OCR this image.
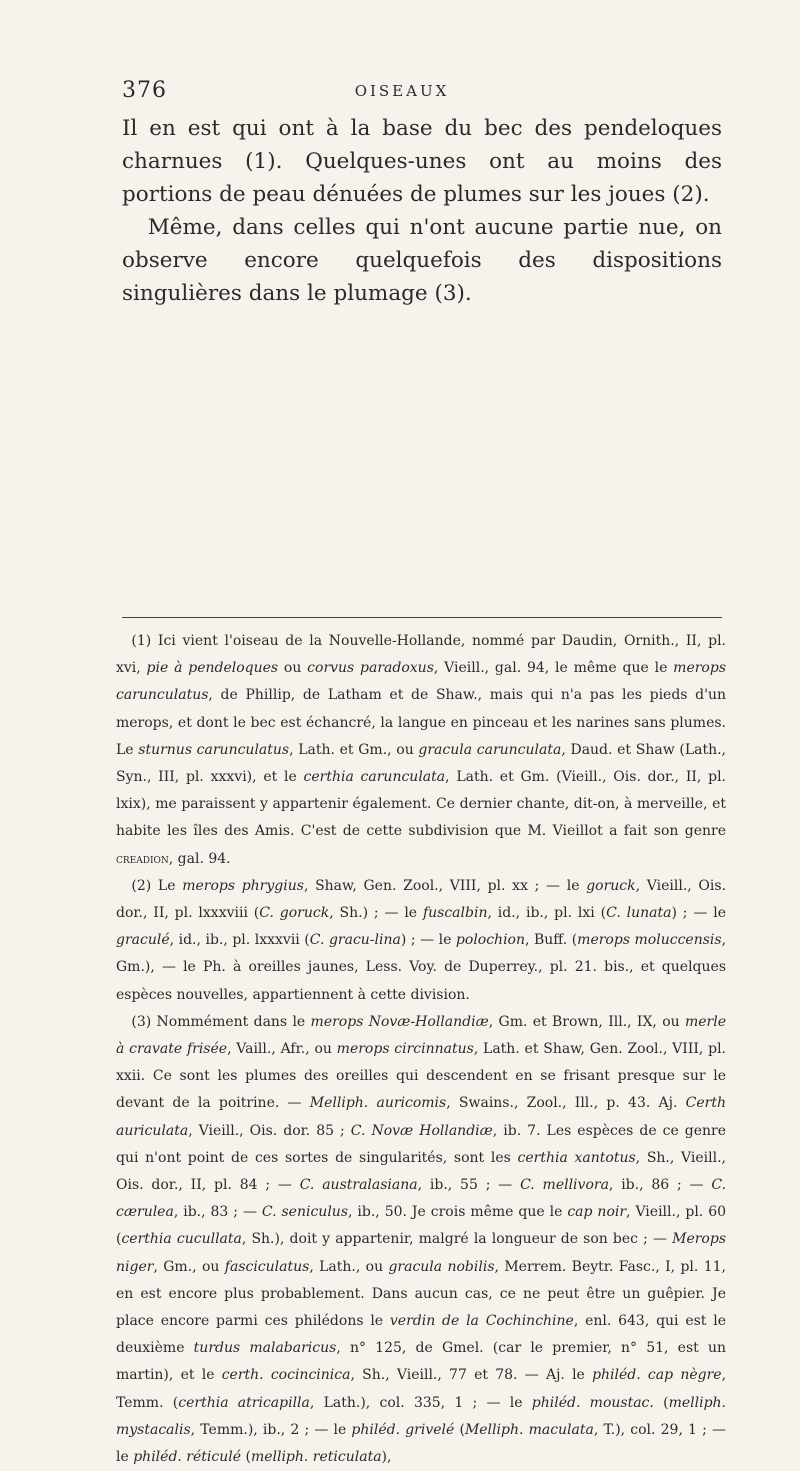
376	OISEAUX

Il en est qui ont à la base du bec des pendeloques charnues (1). Quelques-unes ont au moins des portions de peau dénuées de plumes sur les joues (2).

Même, dans celles qui n'ont aucune partie nue, on observe encore quelquefois des dispositions singulières dans le plumage (3).

(1) Ici vient l'oiseau de la Nouvelle-Hollande, nommé par Daudin, Ornith., II, pl. xvi, pie à pendeloques ou corvus paradoxus, Vieill., gal. 94, le même que le merops carunculatus, de Phillip, de Latham et de Shaw., mais qui n'a pas les pieds d'un merops, et dont le bec est échancré, la langue en pinceau et les narines sans plumes. Le sturnus carunculatus, Lath. et Gm., ou gracula carunculata, Daud. et Shaw (Lath., Syn., III, pl. xxxvi), et le certhia carunculata, Lath. et Gm. (Vieill., Ois. dor., II, pl. lxix), me paraissent y appartenir également. Ce dernier chante, dit-on, à merveille, et habite les îles des Amis. C'est de cette subdivision que M. Vieillot a fait son genre creadion, gal. 94.

(2) Le merops phrygius, Shaw, Gen. Zool., VIII, pl. xx ; — le goruck, Vieill., Ois. dor., II, pl. lxxxviii (C. goruck, Sh.) ; — le fuscalbin, id., ib., pl. lxi (C. lunata) ; — le graculé, id., ib., pl. lxxxvii (C. gracu-lina) ; — le polochion, Buff. (merops moluccensis, Gm.), — le Ph. à oreilles jaunes, Less. Voy. de Duperrey., pl. 21. bis., et quelques espèces nouvelles, appartiennent à cette division.

(3) Nommément dans le merops Novæ-Hollandiæ, Gm. et Brown, Ill., IX, ou merle à cravate frisée, Vaill., Afr., ou merops circinnatus, Lath. et Shaw, Gen. Zool., VIII, pl. xxii. Ce sont les plumes des oreilles qui descendent en se frisant presque sur le devant de la poitrine. — Melliph. auricomis, Swains., Zool., Ill., p. 43. Aj. Certh auriculata, Vieill., Ois. dor. 85 ; C. Novæ Hollandiæ, ib. 7. Les espèces de ce genre qui n'ont point de ces sortes de singularités, sont les certhia xantotus, Sh., Vieill., Ois. dor., II, pl. 84 ; — C. australasiana, ib., 55 ; — C. mellivora, ib., 86 ; — C. cærulea, ib., 83 ; — C. seniculus, ib., 50. Je crois même que le cap noir, Vieill., pl. 60 (certhia cucullata, Sh.), doit y appartenir, malgré la longueur de son bec ; — Merops niger, Gm., ou fasciculatus, Lath., ou gracula nobilis, Merrem. Beytr. Fasc., I, pl. 11, en est encore plus probablement. Dans aucun cas, ce ne peut être un guêpier. Je place encore parmi ces philédons le verdin de la Cochinchine, enl. 643, qui est le deuxième turdus malabaricus, n° 125, de Gmel. (car le premier, n° 51, est un martin), et le certh. cocincinica, Sh., Vieill., 77 et 78. — Aj. le philéd. cap nègre, Temm. (certhia atricapilla, Lath.), col. 335, 1 ; — le philéd. moustac. (melliph. mystacalis, Temm.), ib., 2 ; — le philéd. grivelé (Melliph. maculata, T.), col. 29, 1 ; — le philéd. réticulé (melliph. reticulata),
